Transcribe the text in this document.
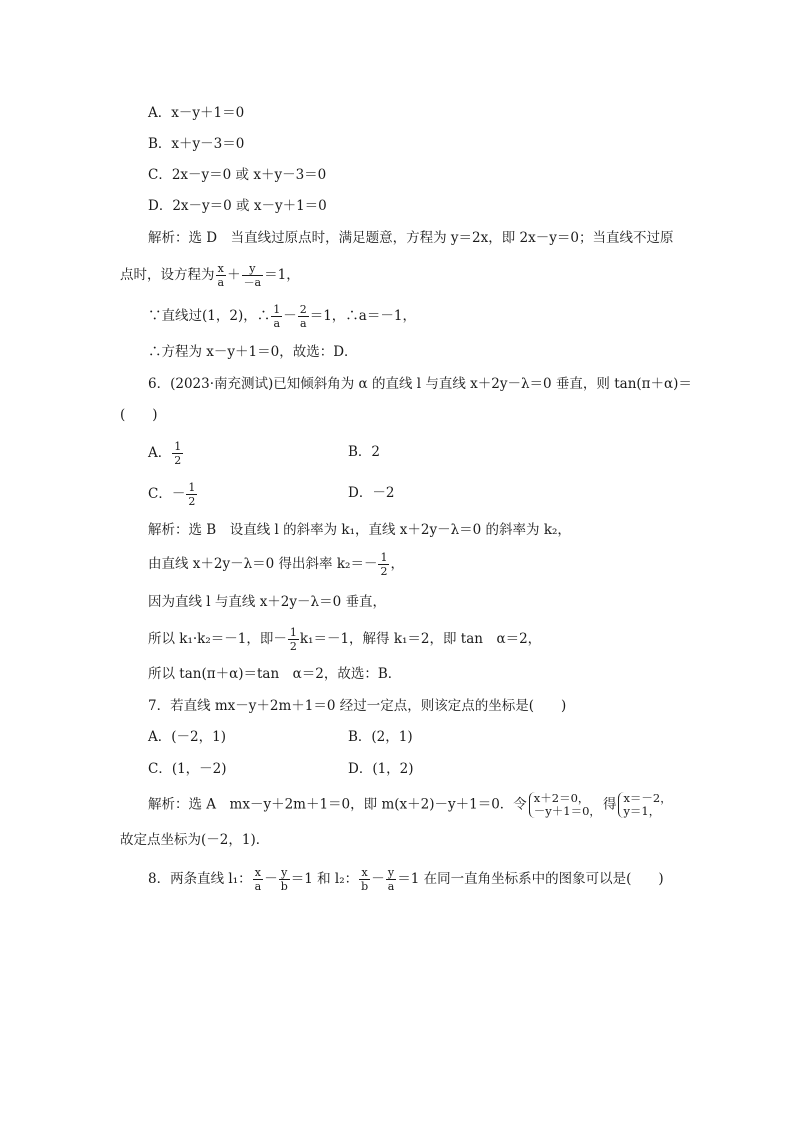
A．x－y＋1＝0
B．x＋y－3＝0
C．2x－y＝0 或 x＋y－3＝0
D．2x－y＝0 或 x－y＋1＝0
解析：选 D　当直线过原点时，满足题意，方程为 y＝2x，即 2x－y＝0；当直线不过原
点时，设方程为 $\frac{x}{a} + \frac{y}{-a} =1$，
∵直线过(1，2)，∴ $\frac{1}{a} - \frac{2}{a} =1$，∴a＝－1，
∴方程为 x－y＋1＝0，故选：D．
6．(2023·南充测试)已知倾斜角为 α 的直线 l 与直线 x＋2y－λ＝0 垂直，则 tan(π＋α)＝
(　　)
A． $\frac{1}{2}$	B．2
C．－ $\frac{1}{2}$	D．－2
解析：选 B　设直线 l 的斜率为 k₁，直线 x＋2y－λ＝0 的斜率为 k₂，
由直线 x＋2y－λ＝0 得出斜率 $k_2=- \frac{1}{2}$ ，
因为直线 l 与直线 x＋2y－λ＝0 垂直，
所以 k₁·k₂＝－1，即－ $\frac{1}{2} k_1=-1$，解得 k₁＝2，即 tan　α＝2，
所以 tan(π＋α)＝tan　α＝2，故选：B．
7．若直线 mx－y＋2m＋1＝0 经过一定点，则该定点的坐标是(　　)
A．(－2，1)	B．(2，1)
C．(1，－2)	D．(1，2)
解析：选 A　mx－y＋2m＋1＝0，即 m(x＋2)－y＋1＝0．令 x＋2＝0，
－y＋1＝0， 得 x＝－2，
y＝1，
故定点坐标为(－2，1)．
8．两条直线 l₁： $\frac{x}{a} - \frac{y}{b} =1$ 和 l₂： $\frac{x}{b} - \frac{y}{a} =1$ 在同一直角坐标系中的图象可以是(　　)
